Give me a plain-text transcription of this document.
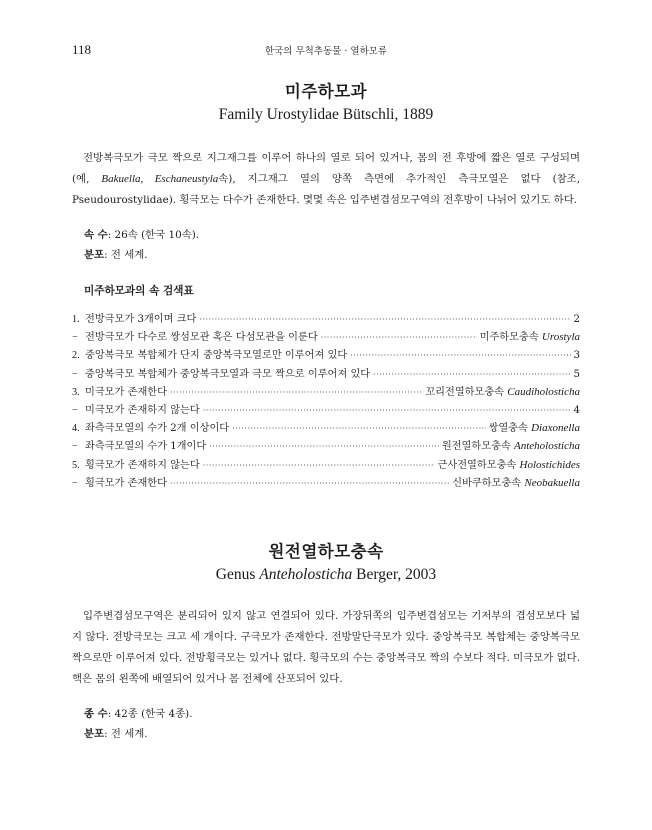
118	한국의 무척추동물 · 열하모류
미주하모과
Family Urostylidae Bütschli, 1889

전방복극모가 극모 짝으로 지그재그를 이루어 하나의 열로 되어 있거나, 몸의 전 후방에 짧은 열로 구성되며 (예, Bakuella, Eschaneustyla속), 지그재그 열의 양쪽 측면에 추가적인 측극모열은 없다 (참조, Pseudourostylidae). 횡극모는 다수가 존재한다. 몇몇 속은 입주변겹섬모구역의 전후방이 나뉘어 있기도 하다.

속 수: 26속 (한국 10속).
분포: 전 세계.
미주하모과의 속 검색표
1. 전방극모가 3개이며 크다 ·····	2
− 전방극모가 다수로 쌍섬모관 혹은 다섬모관을 이룬다 ·····	미주하모충속 Urostyla
2. 중앙복극모 복합체가 단지 중앙복극모열로만 이루어져 있다 ·····	3
− 중앙복극모 복합체가 중앙복극모열과 극모 짝으로 이루어져 있다 ·····	5
3. 미극모가 존재한다 ·····	꼬리전열하모충속 Caudiholosticha
− 미극모가 존재하지 않는다 ·····	4
4. 좌측극모열의 수가 2개 이상이다 ·····	쌍열충속 Diaxonella
− 좌측극모열의 수가 1개이다 ·····	원전열하모충속 Anteholosticha
5. 횡극모가 존재하지 않는다 ·····	근사전열하모충속 Holostichides
− 횡극모가 존재한다 ·····	신바쿠하모충속 Neobakuella
원전열하모충속
Genus Anteholosticha Berger, 2003

입주변겹섬모구역은 분리되어 있지 않고 연결되어 있다. 가장뒤쪽의 입주변겹섬모는 기저부의 겹섬모보다 넓지 않다. 전방극모는 크고 세 개이다. 구극모가 존재한다. 전방말단극모가 있다. 중앙복극모 복합체는 중앙복극모 짝으로만 이루어져 있다. 전방횡극모는 있거나 없다. 횡극모의 수는 중앙복극모 짝의 수보다 적다. 미극모가 없다. 핵은 몸의 왼쪽에 배열되어 있거나 몸 전체에 산포되어 있다.

종 수: 42종 (한국 4종).
분포: 전 세계.
